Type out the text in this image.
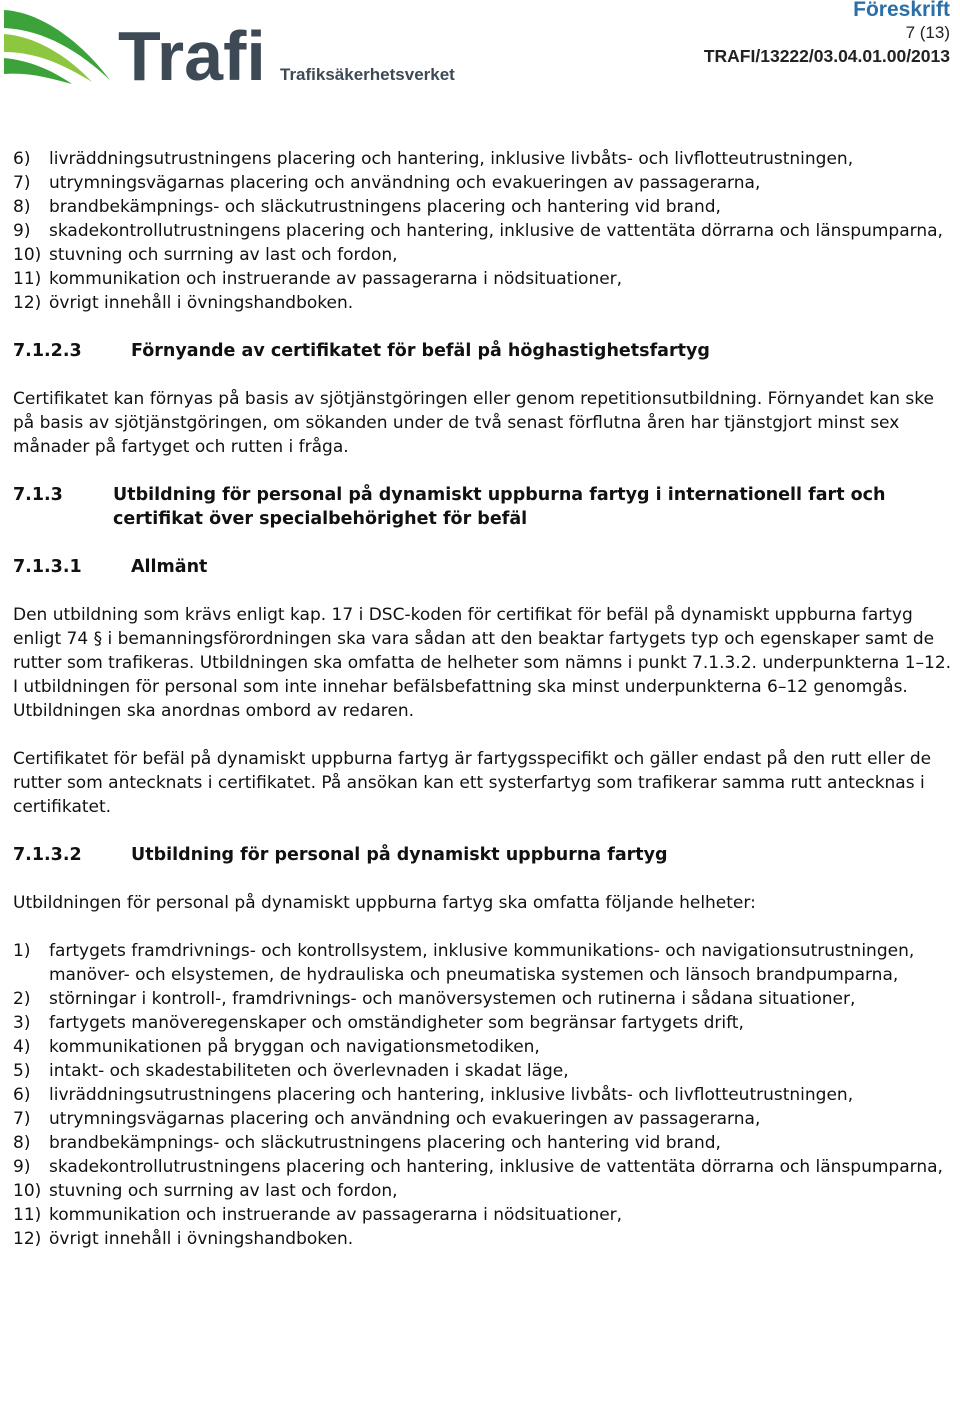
Trafi Trafiksäkerhetsverket
Föreskrift
7 (13)
TRAFI/13222/03.04.01.00/2013
6)	livräddningsutrustningens placering och hantering, inklusive livbåts- och livflotteutrustningen,
7)	utrymningsvägarnas placering och användning och evakueringen av passagerarna,
8)	brandbekämpnings- och släckutrustningens placering och hantering vid brand,
9)	skadekontrollutrustningens placering och hantering, inklusive de vattentäta dörrarna och länspumparna,
10) stuvning och surrning av last och fordon,
11) kommunikation och instruerande av passagerarna i nödsituationer,
12) övrigt innehåll i övningshandboken.
7.1.2.3	Förnyande av certifikatet för befäl på höghastighetsfartyg

Certifikatet kan förnyas på basis av sjötjänstgöringen eller genom repetitionsutbildning. Förnyandet kan ske på basis av sjötjänstgöringen, om sökanden under de två senast förflutna åren har tjänstgjort minst sex månader på fartyget och rutten i fråga.

7.1.3	Utbildning för personal på dynamiskt uppburna fartyg i internationell fart och certifikat över specialbehörighet för befäl
7.1.3.1	Allmänt

Den utbildning som krävs enligt kap. 17 i DSC-koden för certifikat för befäl på dynamiskt uppburna fartyg enligt 74 § i bemanningsförordningen ska vara sådan att den beaktar fartygets typ och egenskaper samt de rutter som trafikeras. Utbildningen ska omfatta de helheter som nämns i punkt 7.1.3.2. underpunkterna 1–12. I utbildningen för personal som inte innehar befälsbefattning ska minst underpunkterna 6–12 genomgås. Utbildningen ska anordnas ombord av redaren.

Certifikatet för befäl på dynamiskt uppburna fartyg är fartygsspecifikt och gäller endast på den rutt eller de rutter som antecknats i certifikatet. På ansökan kan ett systerfartyg som trafikerar samma rutt antecknas i certifikatet.

7.1.3.2	Utbildning för personal på dynamiskt uppburna fartyg

Utbildningen för personal på dynamiskt uppburna fartyg ska omfatta följande helheter:

1)	fartygets framdrivnings- och kontrollsystem, inklusive kommunikations- och navigationsutrustningen, manöver- och elsystemen, de hydrauliska och pneumatiska systemen och länsoch brandpumparna,
2)	störningar i kontroll-, framdrivnings- och manöversystemen och rutinerna i sådana situationer,
3)	fartygets manöveregenskaper och omständigheter som begränsar fartygets drift,
4)	kommunikationen på bryggan och navigationsmetodiken,
5)	intakt- och skadestabiliteten och överlevnaden i skadat läge,
6)	livräddningsutrustningens placering och hantering, inklusive livbåts- och livflotteutrustningen,
7)	utrymningsvägarnas placering och användning och evakueringen av passagerarna,
8)	brandbekämpnings- och släckutrustningens placering och hantering vid brand,
9)	skadekontrollutrustningens placering och hantering, inklusive de vattentäta dörrarna och länspumparna,
10) stuvning och surrning av last och fordon,
11) kommunikation och instruerande av passagerarna i nödsituationer,
12) övrigt innehåll i övningshandboken.
